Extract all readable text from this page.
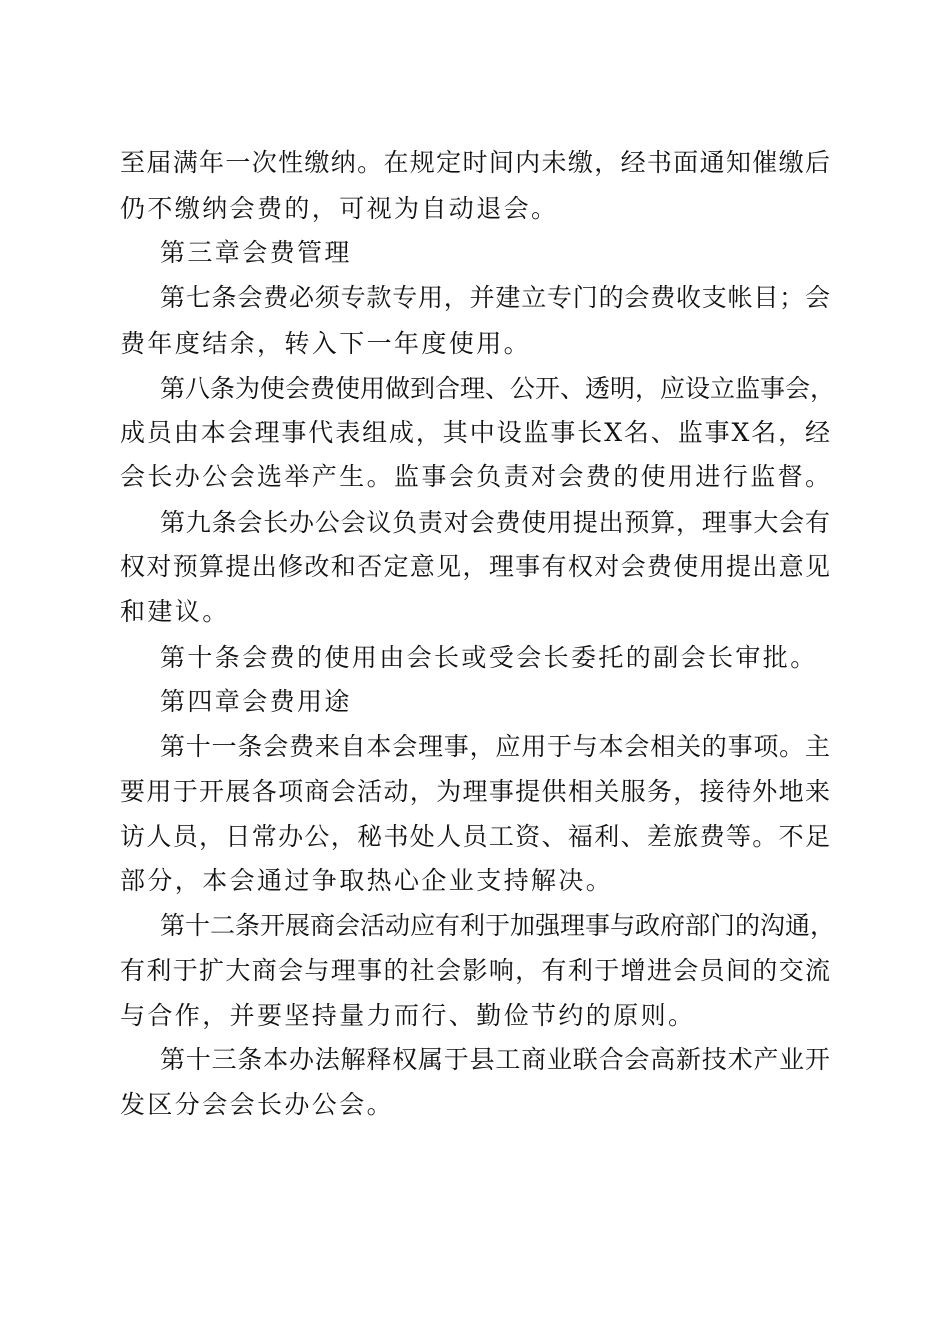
至届满年一次性缴纳。在规定时间内未缴，经书面通知催缴后
仍不缴纳会费的，可视为自动退会。
第三章会费管理
第七条会费必须专款专用，并建立专门的会费收支帐目；会
费年度结余，转入下一年度使用。
第八条为使会费使用做到合理、公开、透明，应设立监事会，
成员由本会理事代表组成，其中设监事长X名、监事X名，经
会长办公会选举产生。监事会负责对会费的使用进行监督。
第九条会长办公会议负责对会费使用提出预算，理事大会有
权对预算提出修改和否定意见，理事有权对会费使用提出意见
和建议。
第十条会费的使用由会长或受会长委托的副会长审批。
第四章会费用途
第十一条会费来自本会理事，应用于与本会相关的事项。主
要用于开展各项商会活动，为理事提供相关服务，接待外地来
访人员，日常办公，秘书处人员工资、福利、差旅费等。不足
部分，本会通过争取热心企业支持解决。
第十二条开展商会活动应有利于加强理事与政府部门的沟通，
有利于扩大商会与理事的社会影响，有利于增进会员间的交流
与合作，并要坚持量力而行、勤俭节约的原则。
第十三条本办法解释权属于县工商业联合会高新技术产业开
发区分会会长办公会。
